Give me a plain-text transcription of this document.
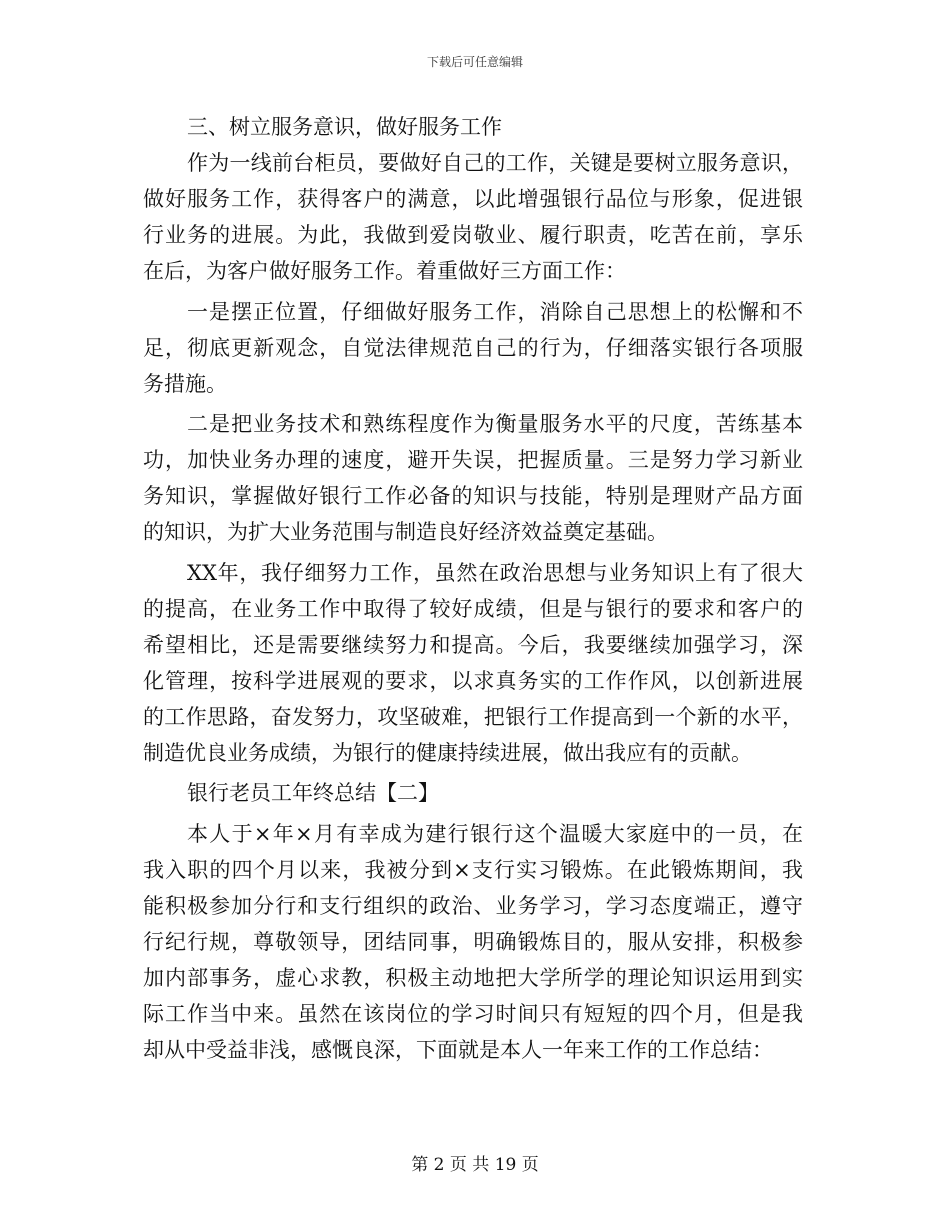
下载后可任意编辑
三、树立服务意识，做好服务工作
作为一线前台柜员，要做好自己的工作，关键是要树立服务意识，
做好服务工作，获得客户的满意，以此增强银行品位与形象，促进银
行业务的进展。为此，我做到爱岗敬业、履行职责，吃苦在前，享乐
在后，为客户做好服务工作。着重做好三方面工作：
一是摆正位置，仔细做好服务工作，消除自己思想上的松懈和不
足，彻底更新观念，自觉法律规范自己的行为，仔细落实银行各项服
务措施。
二是把业务技术和熟练程度作为衡量服务水平的尺度，苦练基本
功，加快业务办理的速度，避开失误，把握质量。三是努力学习新业
务知识，掌握做好银行工作必备的知识与技能，特别是理财产品方面
的知识，为扩大业务范围与制造良好经济效益奠定基础。
XX年，我仔细努力工作，虽然在政治思想与业务知识上有了很大
的提高，在业务工作中取得了较好成绩，但是与银行的要求和客户的
希望相比，还是需要继续努力和提高。今后，我要继续加强学习，深
化管理，按科学进展观的要求，以求真务实的工作作风，以创新进展
的工作思路，奋发努力，攻坚破难，把银行工作提高到一个新的水平，
制造优良业务成绩，为银行的健康持续进展，做出我应有的贡献。
银行老员工年终总结【二】
本人于×年×月有幸成为建行银行这个温暖大家庭中的一员，在
我入职的四个月以来，我被分到×支行实习锻炼。在此锻炼期间，我
能积极参加分行和支行组织的政治、业务学习，学习态度端正，遵守
行纪行规，尊敬领导，团结同事，明确锻炼目的，服从安排，积极参
加内部事务，虚心求教，积极主动地把大学所学的理论知识运用到实
际工作当中来。虽然在该岗位的学习时间只有短短的四个月，但是我
却从中受益非浅，感慨良深，下面就是本人一年来工作的工作总结：
第 2 页 共 19 页
